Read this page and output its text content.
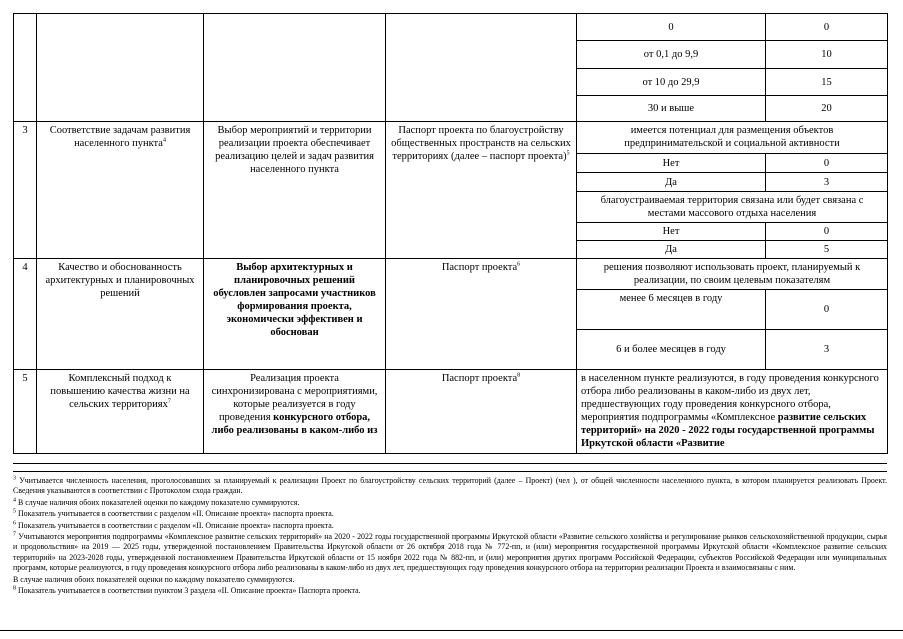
				0	0
				от 0,1 до 9,9	10
				от 10 до 29,9	15
				30 и выше	20
3	Соответствие задачам развития населенного пункта$^4$	Выбор мероприятий и территории реализации проекта обеспечивает реализацию целей и задач развития населенного пункта	Паспорт проекта по благоустройству общественных пространств на сельских территориях (далее – паспорт проекта)$^5$	имеется потенциал для размещения объектов предпринимательской и социальной активности	
				Нет	0
				Да	3
				благоустраиваемая территория связана или будет связана с местами массового отдыха населения	
				Нет	0
				Да	5
4	Качество и обоснованность архитектурных и планировочных решений	Выбор архитектурных и планировочных решений обусловлен запросами участников формирования проекта, экономически эффективен и обоснован	Паспорт проекта$^6$	решения позволяют использовать проект, планируемый к реализации, по своим целевым показателям	
				менее 6 месяцев в году	0
				6 и более месяцев в году	3
5	Комплексный подход к повышению качества жизни на сельских территориях$^7$	Реализация проекта синхронизирована с мероприятиями, которые реализуется в году проведения конкурсного отбора, либо реализованы в каком-либо из	Паспорт проекта$^8$	в населенном пункте реализуются, в году проведения конкурсного отбора либо реализованы в каком-либо из двух лет, предшествующих году проведения конкурсного отбора, мероприятия подпрограммы «Комплексное развитие сельских территорий» на 2020 - 2022 годы государственной программы Иркутской области «Развитие	

$^3$ Учитывается численность населения, проголосовавших за планируемый к реализации Проект по благоустройству сельских территорий (далее – Проект) (чел ), от общей численности населенного пункта, в котором планируется реализовать Проект. Сведения указываются в соответствии с Протоколом схода граждан.

$^4$ В случае наличия обоих показателей оценки по каждому показателю суммируются.

$^5$ Показатель учитывается в соответствии с разделом «II. Описание проекта» паспорта проекта.

$^6$ Показатель учитывается в соответствии с разделом «II. Описание проекта» паспорта проекта.

$^7$ Учитываются мероприятия подпрограммы «Комплексное развитие сельских территорий» на 2020 - 2022 годы государственной программы Иркутской области «Развитие сельского хозяйства и регулирование рынков сельскохозяйственной продукции, сырья и продовольствия» на 2019 — 2025 годы, утвержденной постановлением Правительства Иркутской области от 26 октября 2018 года № 772-пп, и (или) мероприятия государственной программы Иркутской области «Комплексное развитие сельских территорий» на 2023-2028 годы, утвержденной постановлением Правительства Иркутской области от 15 ноября 2022 года № 882-пп, и (или) мероприятия других программ Российской Федерации, субъектов Российской Федерации или муниципальных программ, которые реализуются, в году проведения конкурсного отбора либо реализованы в каком-либо из двух лет, предшествующих году проведения конкурсного отбора на территории реализации Проекта и взаимосвязаны с ним.

В случае наличия обоих показателей оценки по каждому показателю суммируются.

$^8$ Показатель учитывается в соответствии пунктом 3 раздела «II. Описание проекта» Паспорта проекта.
